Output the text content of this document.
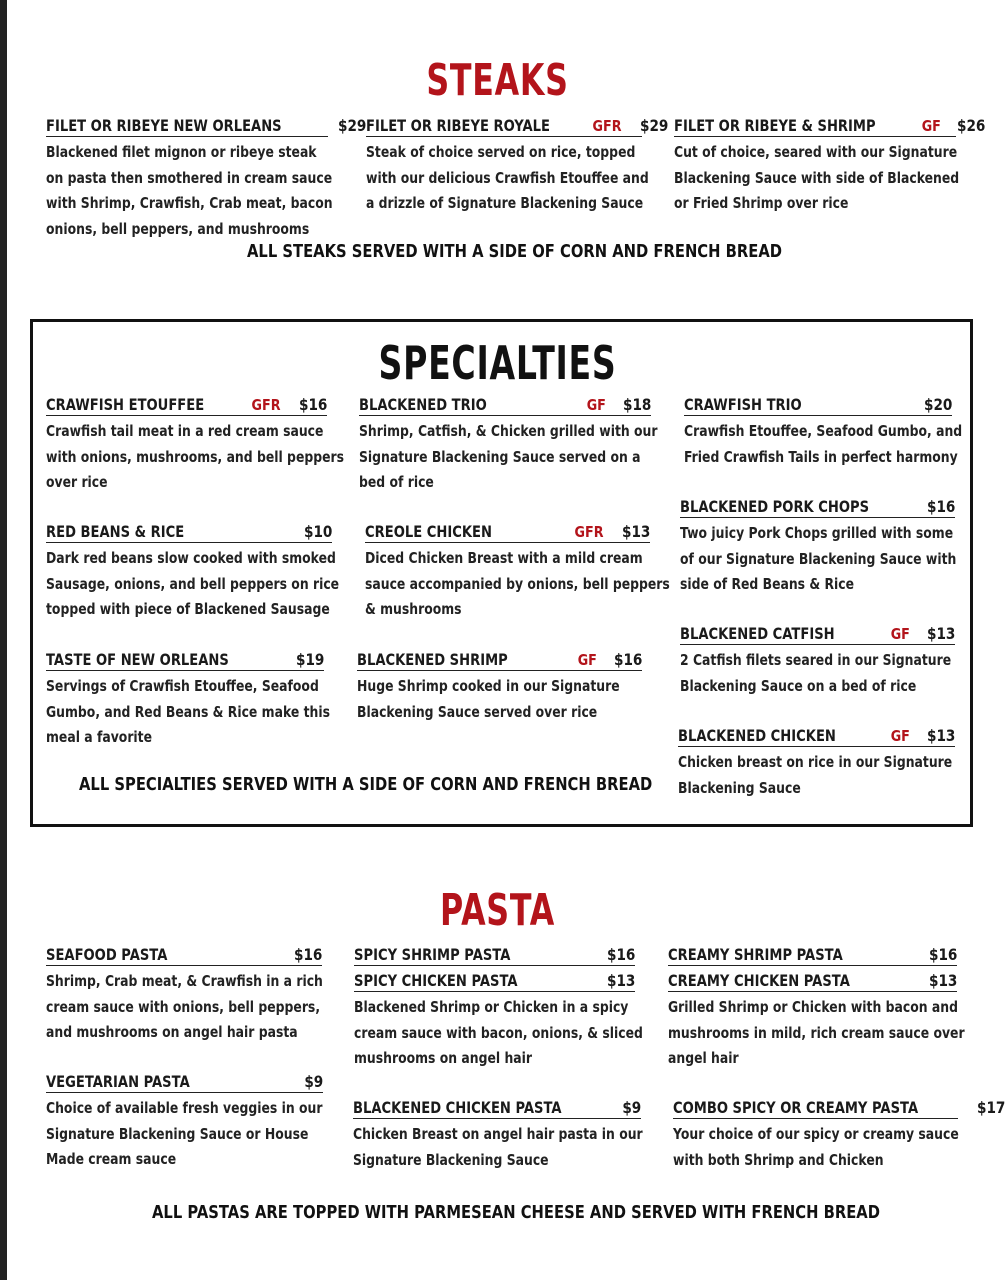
STEAKS
FILET OR RIBEYE NEW ORLEANS	$29
Blackened filet mignon or ribeye steak
on pasta then smothered in cream sauce
with Shrimp, Crawfish, Crab meat, bacon
onions, bell peppers, and mushrooms
FILET OR RIBEYE ROYALE	GFR $29
Steak of choice served on rice, topped
with our delicious Crawfish Etouffee and
a drizzle of Signature Blackening Sauce
FILET OR RIBEYE & SHRIMP	GF $26
Cut of choice, seared with our Signature
Blackening Sauce with side of Blackened
or Fried Shrimp over rice
ALL STEAKS SERVED WITH A SIDE OF CORN AND FRENCH BREAD
SPECIALTIES
CRAWFISH ETOUFFEE	GFR $16
Crawfish tail meat in a red cream sauce
with onions, mushrooms, and bell peppers
over rice
BLACKENED TRIO	GF $18
Shrimp, Catfish, & Chicken grilled with our
Signature Blackening Sauce served on a
bed of rice
CRAWFISH TRIO	$20
Crawfish Etouffee, Seafood Gumbo, and
Fried Crawfish Tails in perfect harmony
BLACKENED PORK CHOPS	$16
Two juicy Pork Chops grilled with some
of our Signature Blackening Sauce with
side of Red Beans & Rice
RED BEANS & RICE	$10
Dark red beans slow cooked with smoked
Sausage, onions, and bell peppers on rice
topped with piece of Blackened Sausage
CREOLE CHICKEN	GFR $13
Diced Chicken Breast with a mild cream
sauce accompanied by onions, bell peppers
& mushrooms
BLACKENED CATFISH	GF $13
2 Catfish filets seared in our Signature
Blackening Sauce on a bed of rice
TASTE OF NEW ORLEANS	$19
Servings of Crawfish Etouffee, Seafood
Gumbo, and Red Beans & Rice make this
meal a favorite
BLACKENED SHRIMP	GF $16
Huge Shrimp cooked in our Signature
Blackening Sauce served over rice
BLACKENED CHICKEN	GF $13
Chicken breast on rice in our Signature
Blackening Sauce
ALL SPECIALTIES SERVED WITH A SIDE OF CORN AND FRENCH BREAD
PASTA
SEAFOOD PASTA	$16
Shrimp, Crab meat, & Crawfish in a rich
cream sauce with onions, bell peppers,
and mushrooms on angel hair pasta
SPICY SHRIMP PASTA	$16
SPICY CHICKEN PASTA	$13
Blackened Shrimp or Chicken in a spicy
cream sauce with bacon, onions, & sliced
mushrooms on angel hair
CREAMY SHRIMP PASTA	$16
CREAMY CHICKEN PASTA	$13
Grilled Shrimp or Chicken with bacon and
mushrooms in mild, rich cream sauce over
angel hair
VEGETARIAN PASTA	$9
Choice of available fresh veggies in our
Signature Blackening Sauce or House
Made cream sauce
BLACKENED CHICKEN PASTA	$9
Chicken Breast on angel hair pasta in our
Signature Blackening Sauce
COMBO SPICY OR CREAMY PASTA	$17
Your choice of our spicy or creamy sauce
with both Shrimp and Chicken
ALL PASTAS ARE TOPPED WITH PARMESEAN CHEESE AND SERVED WITH FRENCH BREAD
